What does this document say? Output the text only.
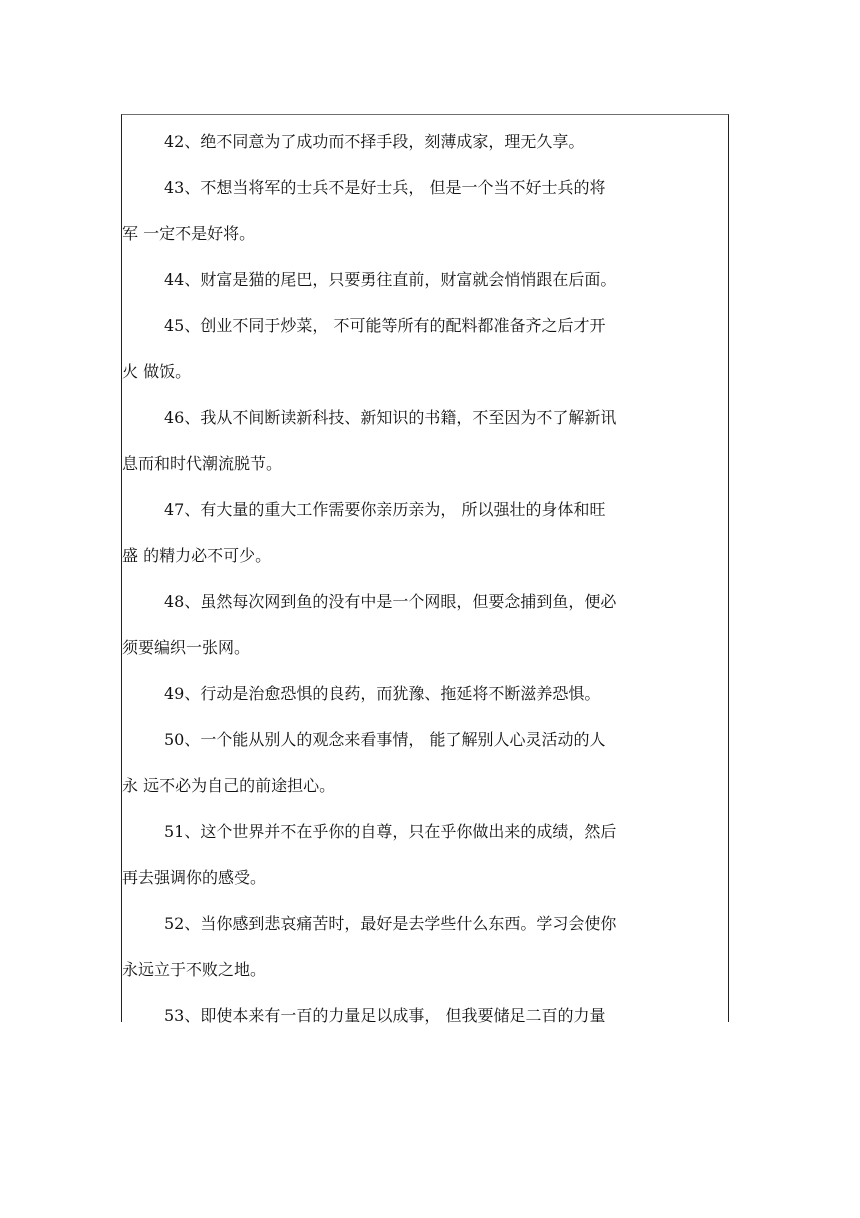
42、绝不同意为了成功而不择手段，刻薄成家，理无久享。
43、不想当将军的士兵不是好士兵， 但是一个当不好士兵的将
军 一定不是好将。
44、财富是猫的尾巴，只要勇往直前，财富就会悄悄跟在后面。
45、创业不同于炒菜， 不可能等所有的配料都准备齐之后才开
火 做饭。
46、我从不间断读新科技、新知识的书籍，不至因为不了解新讯
息而和时代潮流脱节。
47、有大量的重大工作需要你亲历亲为， 所以强壮的身体和旺
盛 的精力必不可少。
48、虽然每次网到鱼的没有中是一个网眼，但要念捕到鱼，便必
须要编织一张网。
49、行动是治愈恐惧的良药，而犹豫、拖延将不断滋养恐惧。
50、一个能从别人的观念来看事情， 能了解别人心灵活动的人
永 远不必为自己的前途担心。
51、这个世界并不在乎你的自尊，只在乎你做出来的成绩，然后
再去强调你的感受。
52、当你感到悲哀痛苦时，最好是去学些什么东西。学习会使你
永远立于不败之地。
53、即使本来有一百的力量足以成事， 但我要储足二百的力量
